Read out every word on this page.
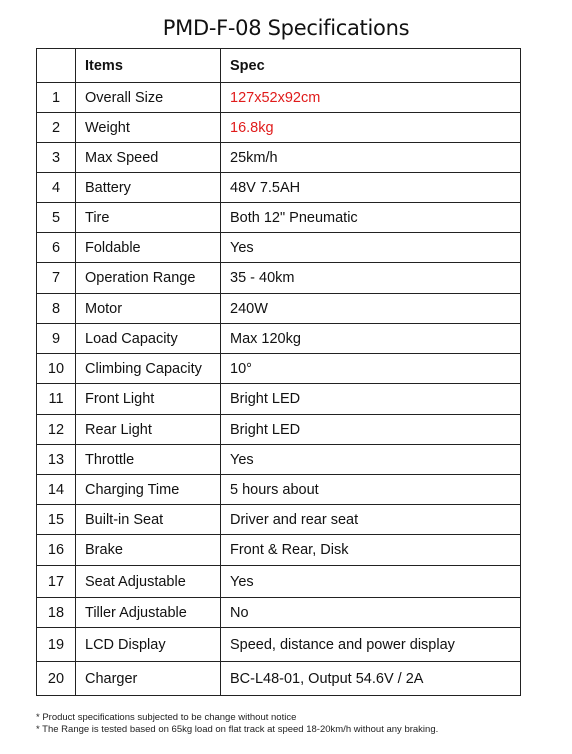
PMD-F-08 Specifications
	Items	Spec
1	Overall Size	127x52x92cm
2	Weight	16.8kg
3	Max Speed	25km/h
4	Battery	48V 7.5AH
5	Tire	Both 12" Pneumatic
6	Foldable	Yes
7	Operation Range	35 - 40km
8	Motor	240W
9	Load Capacity	Max 120kg
10	Climbing Capacity	10°
11	Front Light	Bright LED
12	Rear Light	Bright LED
13	Throttle	Yes
14	Charging Time	5 hours about
15	Built-in Seat	Driver and rear seat
16	Brake	Front & Rear, Disk
17	Seat Adjustable	Yes
18	Tiller Adjustable	No
19	LCD Display	Speed, distance and power display
20	Charger	BC-L48-01, Output 54.6V / 2A
* Product specifications subjected to be change without notice
* The Range is tested based on 65kg load on flat track at speed 18-20km/h without any braking.
